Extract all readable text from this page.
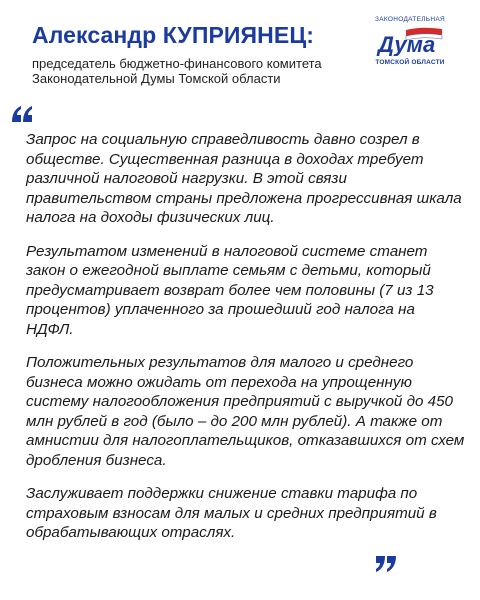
Александр КУПРИЯНЕЦ:
председатель бюджетно-финансового комитета Законодательной Думы Томской области
ЗАКОНОДАТЕЛЬНАЯ
Дума
ТОМСКОЙ ОБЛАСТИ

Запрос на социальную справедливость давно созрел в обществе. Существенная разница в доходах требует различной налоговой нагрузки. В этой связи правительством страны предложена прогрессивная шкала налога на доходы физических лиц.

Результатом изменений в налоговой системе станет закон о ежегодной выплате семьям с детьми, который предусматривает возврат более чем половины (7 из 13 процентов) уплаченного за прошедший год налога на НДФЛ.

Положительных результатов для малого и среднего бизнеса можно ожидать от перехода на упрощенную систему налогообложения предприятий с выручкой до 450 млн рублей в год (было – до 200 млн рублей). А также от амнистии для налогоплательщиков, отказавшихся от схем дробления бизнеса.

Заслуживает поддержки снижение ставки тарифа по страховым взносам для малых и средних предприятий в обрабатывающих отраслях.
